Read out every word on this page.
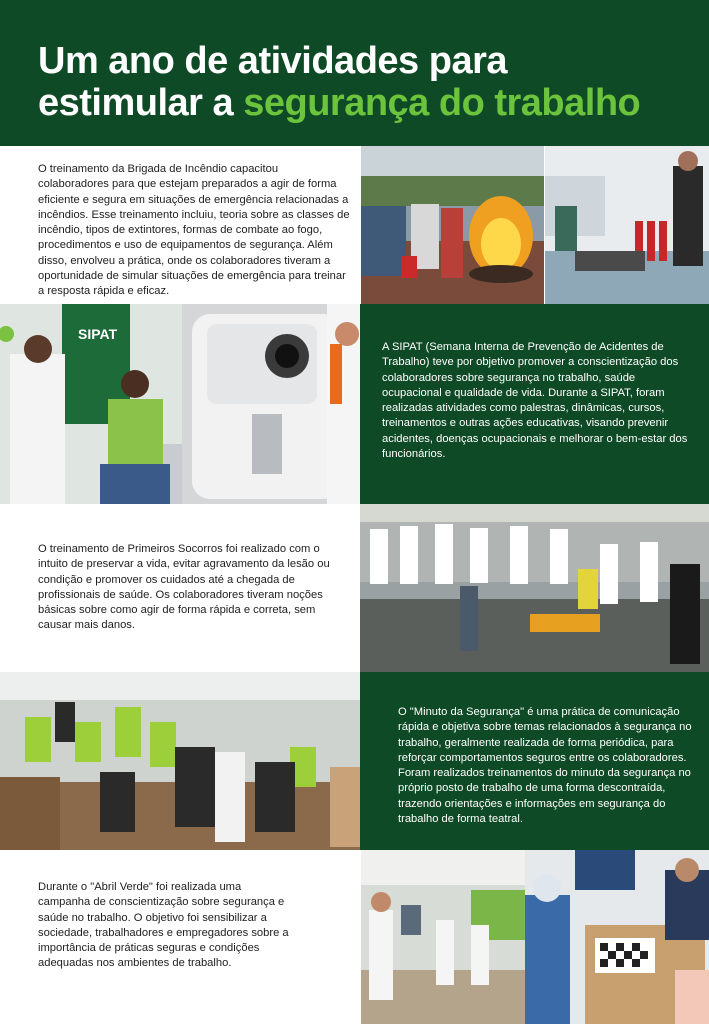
Um ano de atividades para
estimular a segurança do trabalho

O treinamento da Brigada de Incêndio capacitou colaboradores para que estejam preparados a agir de forma eficiente e segura em situações de emergência relacionadas a incêndios. Esse treinamento incluiu, teoria sobre as classes de incêndio, tipos de extintores, formas de combate ao fogo, procedimentos e uso de equipamentos de segurança. Além disso, envolveu a prática, onde os colaboradores tiveram a oportunidade de simular situações de emergência para treinar a resposta rápida e eficaz.

SIPAT

A SIPAT (Semana Interna de Prevenção de Acidentes de Trabalho) teve por objetivo promover a conscientização dos colaboradores sobre segurança no trabalho, saúde ocupacional e qualidade de vida. Durante a SIPAT, foram realizadas atividades como palestras, dinâmicas, cursos, treinamentos e outras ações educativas, visando prevenir acidentes, doenças ocupacionais e melhorar o bem-estar dos funcionários.

O treinamento de Primeiros Socorros foi realizado com o intuito de preservar a vida, evitar agravamento da lesão ou condição e promover os cuidados até a chegada de profissionais de saúde. Os colaboradores tiveram noções básicas sobre como agir de forma rápida e correta, sem causar mais danos.

O "Minuto da Segurança" é uma prática de comunicação rápida e objetiva sobre temas relacionados à segurança no trabalho, geralmente realizada de forma periódica, para reforçar comportamentos seguros entre os colaboradores. Foram realizados treinamentos do minuto da segurança no próprio posto de trabalho de uma forma descontraída, trazendo orientações e informações em segurança do trabalho de forma teatral.

Durante o "Abril Verde" foi realizada uma campanha de conscientização sobre segurança e saúde no trabalho. O objetivo foi sensibilizar a sociedade, trabalhadores e empregadores sobre a importância de práticas seguras e condições adequadas nos ambientes de trabalho.
